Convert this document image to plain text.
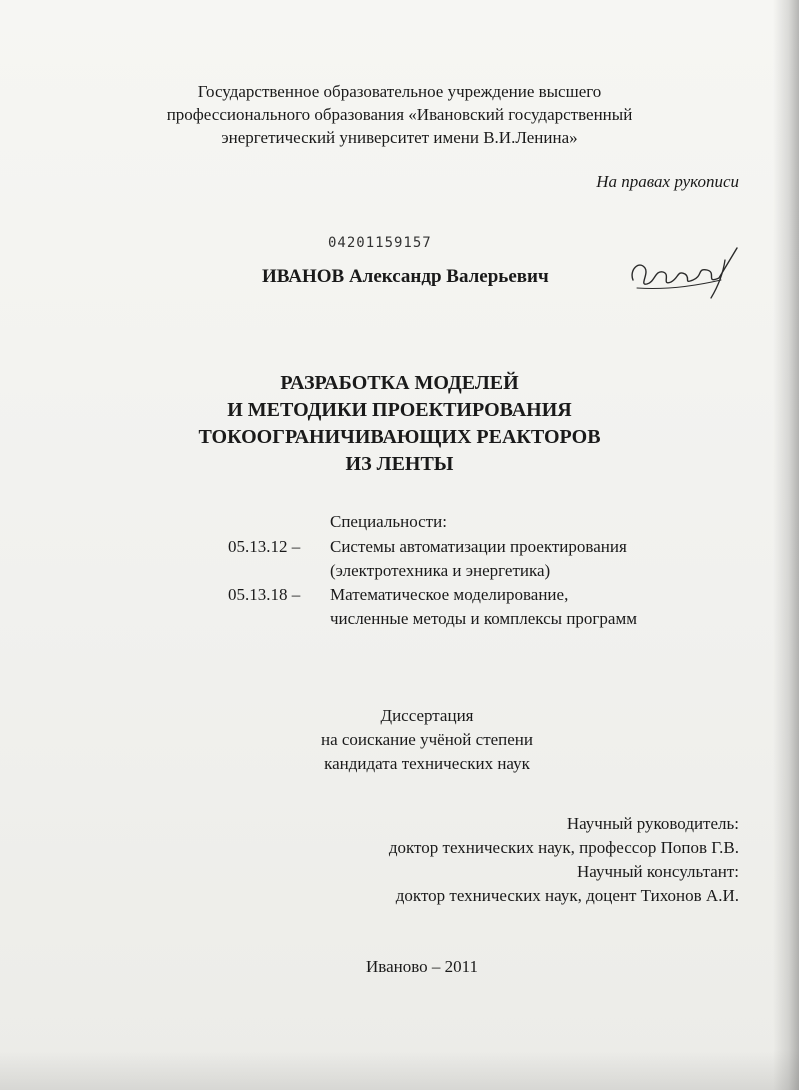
Государственное образовательное учреждение высшего
профессионального образования «Ивановский государственный
энергетический университет имени В.И.Ленина»
На правах рукописи
04201159157
ИВАНОВ Александр Валерьевич
РАЗРАБОТКА МОДЕЛЕЙ
И МЕТОДИКИ ПРОЕКТИРОВАНИЯ
ТОКООГРАНИЧИВАЮЩИХ РЕАКТОРОВ
ИЗ ЛЕНТЫ
Специальности:
05.13.12 –	Системы автоматизации проектирования
(электротехника и энергетика)
05.13.18 –	Математическое моделирование,
численные методы и комплексы программ
Диссертация
на соискание учёной степени
кандидата технических наук
Научный руководитель:
доктор технических наук, профессор Попов Г.В.
Научный консультант:
доктор технических наук, доцент Тихонов А.И.
Иваново – 2011
